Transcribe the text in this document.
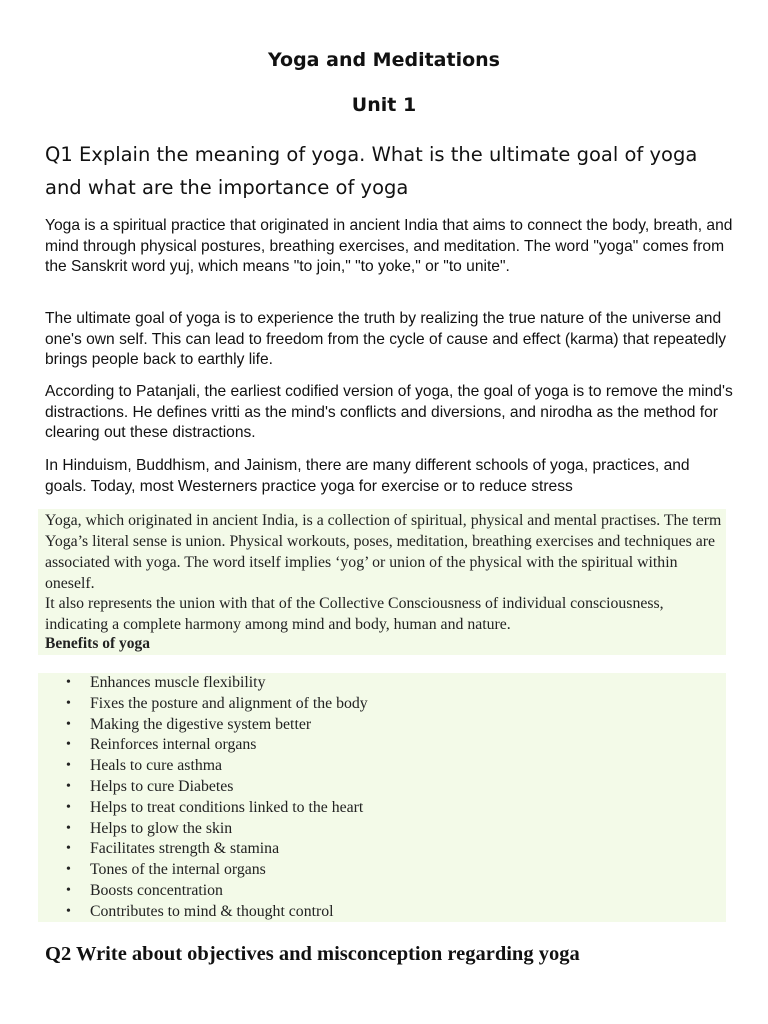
Yoga and Meditations
Unit 1
Q1 Explain the meaning of yoga. What is the ultimate goal of yoga and what are the importance of yoga

Yoga is a spiritual practice that originated in ancient India that aims to connect the body, breath, and mind through physical postures, breathing exercises, and meditation. The word "yoga" comes from the Sanskrit word yuj, which means "to join," "to yoke," or "to unite".

The ultimate goal of yoga is to experience the truth by realizing the true nature of the universe and one's own self. This can lead to freedom from the cycle of cause and effect (karma) that repeatedly brings people back to earthly life.

According to Patanjali, the earliest codified version of yoga, the goal of yoga is to remove the mind's distractions. He defines vritti as the mind's conflicts and diversions, and nirodha as the method for clearing out these distractions.

In Hinduism, Buddhism, and Jainism, there are many different schools of yoga, practices, and goals. Today, most Westerners practice yoga for exercise or to reduce stress

Yoga, which originated in ancient India, is a collection of spiritual, physical and mental practises. The term Yoga’s literal sense is union. Physical workouts, poses, meditation, breathing exercises and techniques are associated with yoga. The word itself implies ‘yog’ or union of the physical with the spiritual within oneself.

It also represents the union with that of the Collective Consciousness of individual consciousness, indicating a complete harmony among mind and body, human and nature.

Benefits of yoga

• Enhances muscle flexibility
• Fixes the posture and alignment of the body
• Making the digestive system better
• Reinforces internal organs
• Heals to cure asthma
• Helps to cure Diabetes
• Helps to treat conditions linked to the heart
• Helps to glow the skin
• Facilitates strength & stamina
• Tones of the internal organs
• Boosts concentration
• Contributes to mind & thought control
Q2 Write about objectives and misconception regarding yoga
